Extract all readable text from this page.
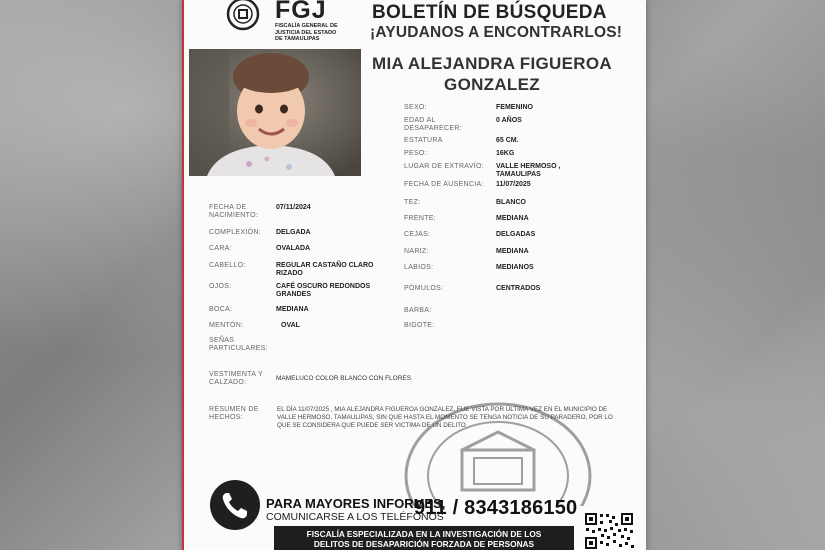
FGJ
FISCALÍA GENERAL DE JUSTICIA DEL ESTADO DE TAMAULIPAS
BOLETÍN DE BÚSQUEDA
¡AYUDANOS A ENCONTRARLOS!
MIA ALEJANDRA FIGUEROA
GONZALEZ
SEXO:	FEMENINO
EDAD AL DESAPARECER:
0 AÑOS
ESTATURA	65 CM.
PESO:	16KG
LUGAR DE EXTRAVÍO: VALLE HERMOSO , TAMAULIPAS
FECHA DE AUSENCIA: 11/07/2025
FECHA DE NACIMIENTO:
07/11/2024
COMPLEXIÓN: DELGADA
CARA:	OVALADA
CABELLO:	REGULAR CASTAÑO CLARO RIZADO
OJOS:	CAFÉ OSCURO REDONDOS GRANDES
BOCA:	MEDIANA
MENTÓN:	OVAL
SEÑAS PARTICULARES:
TEZ:	BLANCO
FRENTE:	MEDIANA
CEJAS:	DELGADAS
NARIZ:	MEDIANA
LABIOS:	MEDIANOS
PÓMULOS:	CENTRADOS
BARBA:
BIGOTE:
VESTIMENTA Y CALZADO:
MAMELUCO COLOR BLANCO CON FLORES
RESUMEN DE HECHOS:
EL DÍA 11/07/2025 , MIA ALEJANDRA FIGUEROA GONZALEZ, FUE VISTA POR ÚLTIMA VEZ EN EL MUNICIPIO DE VALLE HERMOSO, TAMAULIPAS, SIN QUE HASTA EL MOMENTO SE TENGA NOTICIA DE SU PARADERO, POR LO QUE SE CONSIDERA QUE PUEDE SER VICTIMA DE UN DELITO
PARA MAYORES INFORMES,
COMUNICARSE A LOS TELÉFONOS
911 / 8343186150
FISCALÍA ESPECIALIZADA EN LA INVESTIGACIÓN DE LOS
DELITOS DE DESAPARICIÓN FORZADA DE PERSONAS
